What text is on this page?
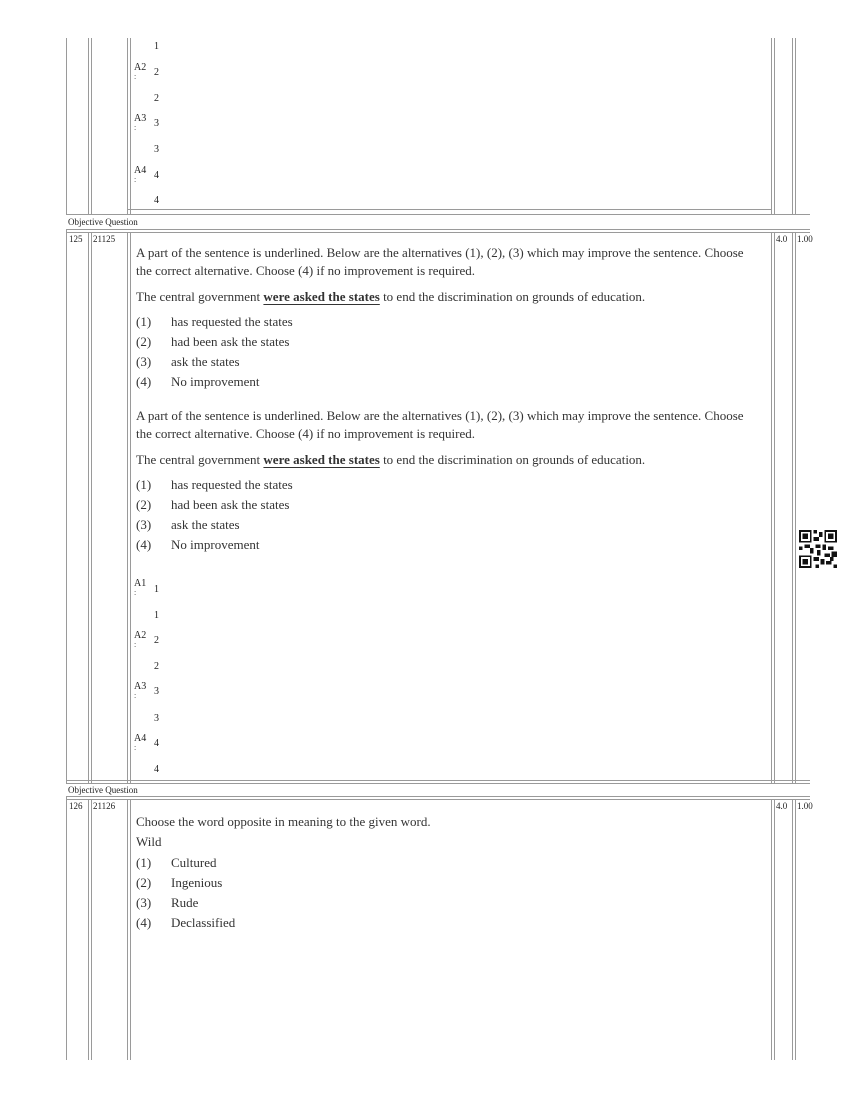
1
A2
:	2
2
A3
:	3
3
A4
:	4
4
Objective Question
125 21125	4.0 1.00

A part of the sentence is underlined. Below are the alternatives (1), (2), (3) which may improve the sentence. Choose the correct alternative. Choose (4) if no improvement is required.

The central government were asked the states to end the discrimination on grounds of education.

(1) has requested the states
(2) had been ask the states
(3) ask the states
(4) No improvement

A part of the sentence is underlined. Below are the alternatives (1), (2), (3) which may improve the sentence. Choose the correct alternative. Choose (4) if no improvement is required.

The central government were asked the states to end the discrimination on grounds of education.

(1) has requested the states
(2) had been ask the states
(3) ask the states
(4) No improvement
A1
:	1
1
A2
:	2
2
A3
:	3
3
A4
:	4
4
Objective Question
126 21126	4.0 1.00

Choose the word opposite in meaning to the given word.

Wild

(1) Cultured
(2) Ingenious
(3) Rude
(4) Declassified
